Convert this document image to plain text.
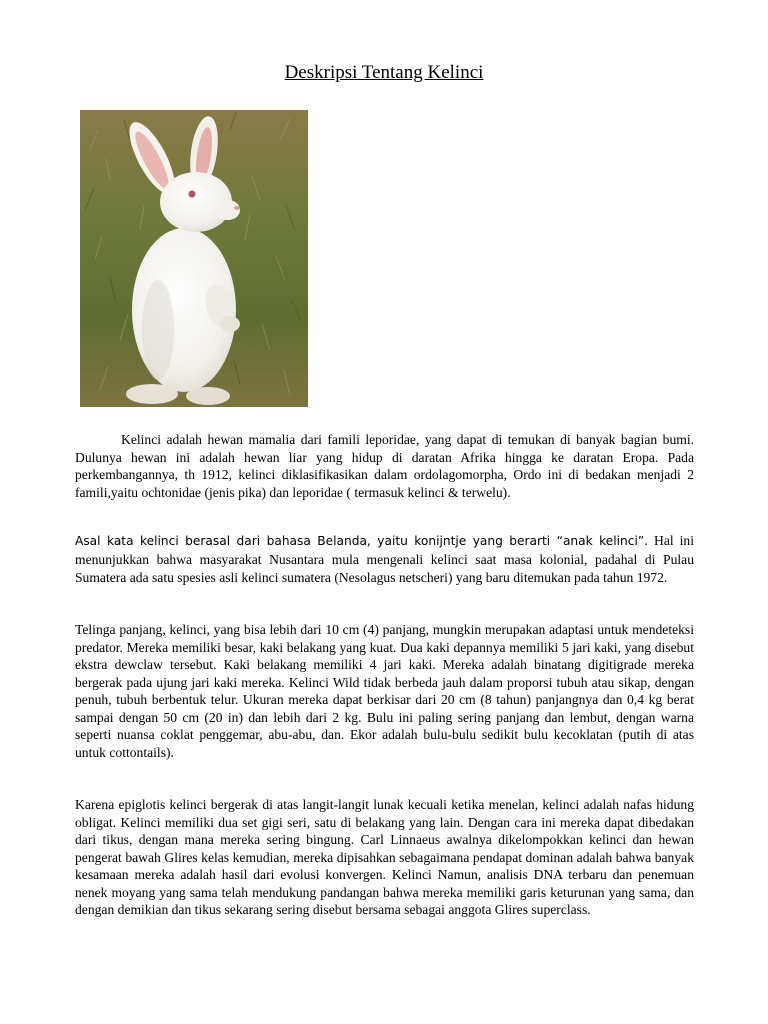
Deskripsi Tentang Kelinci

Kelinci adalah hewan mamalia dari famili leporidae, yang dapat di temukan di banyak bagian bumi. Dulunya hewan ini adalah hewan liar yang hidup di daratan Afrika hingga ke daratan Eropa. Pada perkembangannya, th 1912, kelinci diklasifikasikan dalam ordolagomorpha, Ordo ini di bedakan menjadi 2 famili,yaitu ochtonidae (jenis pika) dan leporidae ( termasuk kelinci & terwelu).

Asal kata kelinci berasal dari bahasa Belanda, yaitu konijntje yang berarti “anak kelinci”. Hal ini menunjukkan bahwa masyarakat Nusantara mula mengenali kelinci saat masa kolonial, padahal di Pulau Sumatera ada satu spesies asli kelinci sumatera (Nesolagus netscheri) yang baru ditemukan pada tahun 1972.

Telinga panjang, kelinci, yang bisa lebih dari 10 cm (4) panjang, mungkin merupakan adaptasi untuk mendeteksi predator. Mereka memiliki besar, kaki belakang yang kuat. Dua kaki depannya memiliki 5 jari kaki, yang disebut ekstra dewclaw tersebut. Kaki belakang memiliki 4 jari kaki. Mereka adalah binatang digitigrade mereka bergerak pada ujung jari kaki mereka. Kelinci Wild tidak berbeda jauh dalam proporsi tubuh atau sikap, dengan penuh, tubuh berbentuk telur. Ukuran mereka dapat berkisar dari 20 cm (8 tahun) panjangnya dan 0,4 kg berat sampai dengan 50 cm (20 in) dan lebih dari 2 kg. Bulu ini paling sering panjang dan lembut, dengan warna seperti nuansa coklat penggemar, abu-abu, dan. Ekor adalah bulu-bulu sedikit bulu kecoklatan (putih di atas untuk cottontails).

Karena epiglotis kelinci bergerak di atas langit-langit lunak kecuali ketika menelan, kelinci adalah nafas hidung obligat. Kelinci memiliki dua set gigi seri, satu di belakang yang lain. Dengan cara ini mereka dapat dibedakan dari tikus, dengan mana mereka sering bingung. Carl Linnaeus awalnya dikelompokkan kelinci dan hewan pengerat bawah Glires kelas kemudian, mereka dipisahkan sebagaimana pendapat dominan adalah bahwa banyak kesamaan mereka adalah hasil dari evolusi konvergen. Kelinci Namun, analisis DNA terbaru dan penemuan nenek moyang yang sama telah mendukung pandangan bahwa mereka memiliki garis keturunan yang sama, dan dengan demikian dan tikus sekarang sering disebut bersama sebagai anggota Glires superclass.
